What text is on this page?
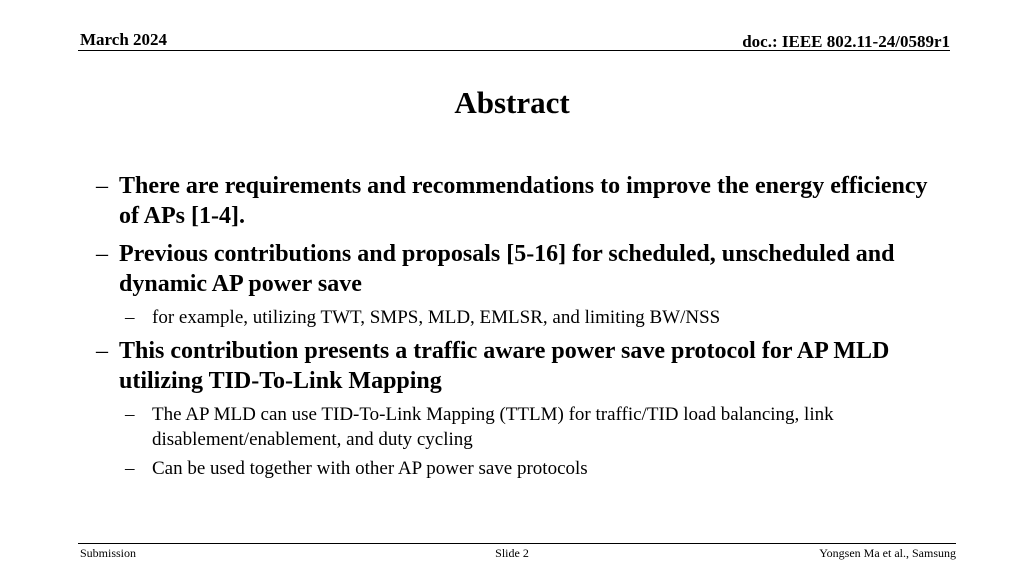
March 2024	doc.: IEEE 802.11-24/0589r1
Abstract
– There are requirements and recommendations to improve the energy efficiency of APs [1-4].
– Previous contributions and proposals [5-16] for scheduled, unscheduled and dynamic AP power save
– for example, utilizing TWT, SMPS, MLD, EMLSR, and limiting BW/NSS
– This contribution presents a traffic aware power save protocol for AP MLD utilizing TID-To-Link Mapping
– The AP MLD can use TID-To-Link Mapping (TTLM) for traffic/TID load balancing, link disablement/enablement, and duty cycling
– Can be used together with other AP power save protocols
Submission	Slide 2	Yongsen Ma et al., Samsung
